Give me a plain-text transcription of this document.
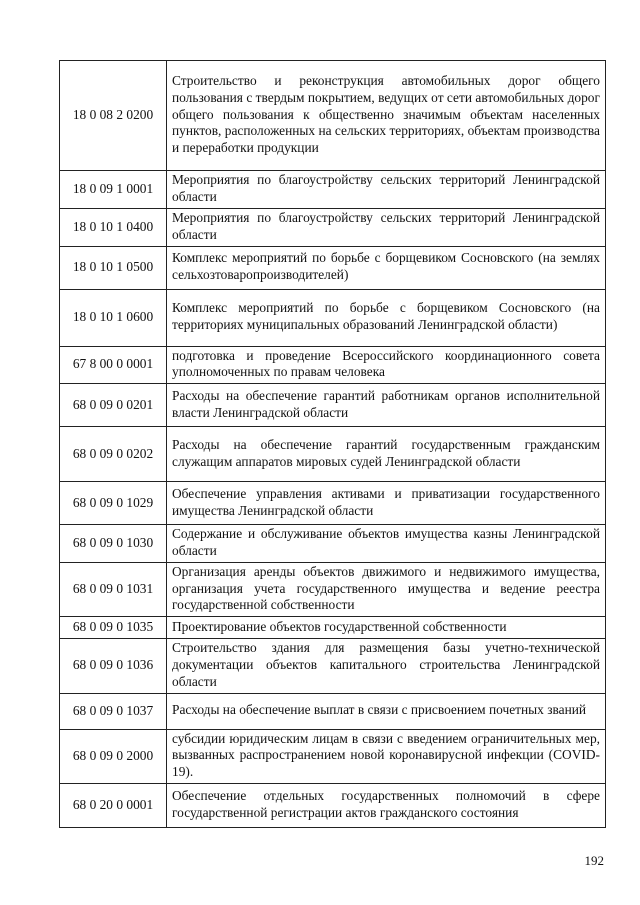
18 0 08 2 0200	Строительство и реконструкция автомобильных дорог общего пользования с твердым покрытием, ведущих от сети автомобильных дорог общего пользования к общественно значимым объектам населенных пунктов, расположенных на сельских территориях, объектам производства и переработки продукции
18 0 09 1 0001	Мероприятия по благоустройству сельских территорий Ленинградской области
18 0 10 1 0400	Мероприятия по благоустройству сельских территорий Ленинградской области
18 0 10 1 0500	Комплекс мероприятий по борьбе с борщевиком Сосновского (на землях сельхозтоваропроизводителей)
18 0 10 1 0600	Комплекс мероприятий по борьбе с борщевиком Сосновского (на территориях муниципальных образований Ленинградской области)
67 8 00 0 0001	подготовка и проведение Всероссийского координационного совета уполномоченных по правам человека
68 0 09 0 0201	Расходы на обеспечение гарантий работникам органов исполнительной власти Ленинградской области
68 0 09 0 0202	Расходы на обеспечение гарантий государственным гражданским служащим аппаратов мировых судей Ленинградской области
68 0 09 0 1029	Обеспечение управления активами и приватизации государственного имущества Ленинградской области
68 0 09 0 1030	Содержание и обслуживание объектов имущества казны Ленинградской области
68 0 09 0 1031	Организация аренды объектов движимого и недвижимого имущества, организация учета государственного имущества и ведение реестра государственной собственности
68 0 09 0 1035	Проектирование объектов государственной собственности
68 0 09 0 1036	Строительство здания для размещения базы учетно-технической документации объектов капитального строительства Ленинградской области
68 0 09 0 1037	Расходы на обеспечение выплат в связи с присвоением почетных званий
68 0 09 0 2000	субсидии юридическим лицам в связи с введением ограничительных мер, вызванных распространением новой коронавирусной инфекции (COVID-19).
68 0 20 0 0001	Обеспечение отдельных государственных полномочий в сфере государственной регистрации актов гражданского состояния
192
